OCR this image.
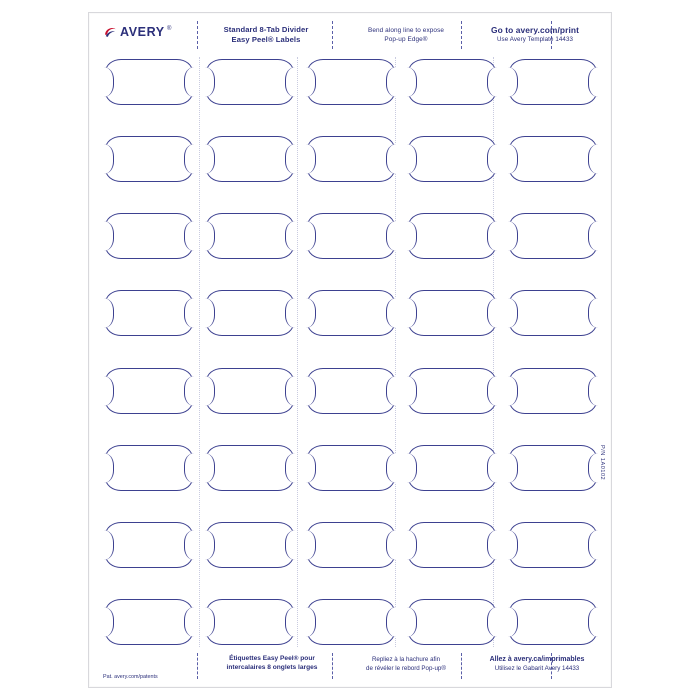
AVERY ®	Standard 8-Tab Divider
Easy Peel® Labels
Bend along line to expose
Pop-up Edge®
Go to avery.com/print
Use Avery Template 14433
P/N 1A0102
Pat. avery.com/patents
Étiquettes Easy Peel® pour
intercalaires 8 onglets larges
Repliez à la hachure afin
de révéler le rebord Pop-up®
Allez à avery.ca/imprimables
Utilisez le Gabarit Avery 14433
